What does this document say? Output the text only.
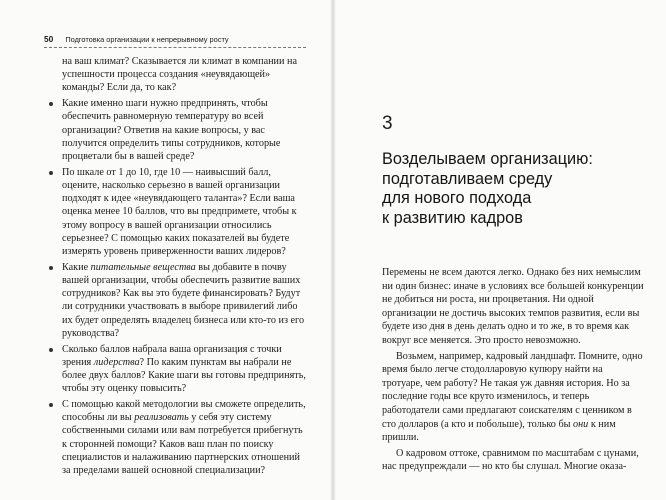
50 Подготовка организации к непрерывному росту

на ваш климат? Сказывается ли климат в компании на успешности процесса создания «неувядающей» команды? Если да, то как?

Какие именно шаги нужно предпринять, чтобы обеспечить равномерную температуру во всей организации? Ответив на какие вопросы, у вас получится определить типы сотрудников, которые процветали бы в вашей среде?
По шкале от 1 до 10, где 10 — наивысший балл, оцените, насколько серьезно в вашей организации подходят к идее «неувядающего таланта»? Если ваша оценка менее 10 баллов, что вы предпримете, чтобы к этому вопросу в вашей организации относились серьезнее? С помощью каких показателей вы будете измерять уровень приверженности ваших лидеров?
Какие питательные вещества вы добавите в почву вашей организации, чтобы обеспечить развитие ваших сотрудников? Как вы это будете финансировать? Будут ли сотрудники участвовать в выборе привилегий либо их будет определять владелец бизнеса или кто-то из его руководства?
Сколько баллов набрала ваша организация с точки зрения лидерства? По каким пунктам вы набрали не более двух баллов? Какие шаги вы готовы предпринять, чтобы эту оценку повысить?
С помощью какой методологии вы сможете определить, способны ли вы реализовать у себя эту систему собственными силами или вам потребуется прибегнуть к сторонней помощи? Каков ваш план по поиску специалистов и налаживанию партнерских отношений за пределами вашей основной специализации?
3
Возделываем организацию:
подготавливаем среду
для нового подхода
к развитию кадров

Перемены не всем даются легко. Однако без них немыслим ни один бизнес: иначе в условиях все большей конкуренции не добиться ни роста, ни процветания. Ни одной организации не достичь высоких темпов развития, если вы будете изо дня в день делать одно и то же, в то время как вокруг все меняется. Это просто невозможно.

Возьмем, например, кадровый ландшафт. Помните, одно время было легче стодолларовую купюру найти на тротуаре, чем работу? Не такая уж давняя история. Но за последние годы все круто изменилось, и теперь работодатели сами предлагают соискателям с ценником в сто долларов (а кто и побольше), только бы они к ним пришли.

О кадровом оттоке, сравнимом по масштабам с цунами, нас предупреждали — но кто бы слушал. Многие оказа-
